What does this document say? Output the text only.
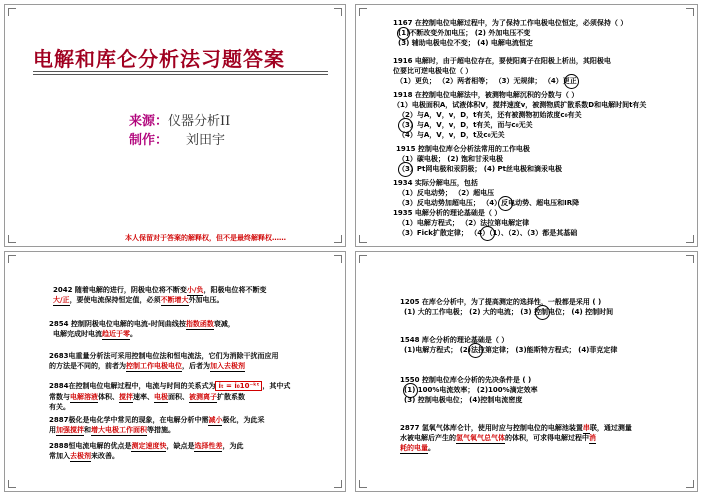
电解和库仑分析法习题答案
来源：仪器分析II
制作： 刘田宇
本人保留对于答案的解释权，但不是最终解释权……
1167 在控制电位电解过程中，为了保持工作电极电位恒定，必须保持（ ）
(1)不断改变外加电压； (2) 外加电压不变
(3) 辅助电极电位不变； (4) 电解电流恒定
1916 电解时，由于超电位存在，要使阳离子在阳极上析出，其阳极电
位要比可逆电极电位（ ）
（1）更负； （2）两者相等； （3）无规律； （4）更正
1918 在控制电位电解法中，被测物电解沉积的分数与（ ）
（1）电极面积A，试液体积V，搅拌速度v，被测物质扩散系数D和电解时间t有关
（2）与A，V，v，D，t有关，还有被测物初始浓度c₀有关
（3）与A，V，v，D，t有关，而与c₀无关
（4）与A，V，v，D，t及c₀无关
1915 控制电位库仑分析法常用的工作电极
（1）碳电极； (2) 饱和甘汞电极
（3）Pt网电极和汞阴极； (4) Pt丝电极和滴汞电极
1934 实际分解电压，包括
（1）反电动势； （2）超电压
（3）反电动势加超电压； （4）反电动势、超电压和IR降
1935 电解分析的理论基础是（ ）
（1）电解方程式； （2）法拉第电解定律
（3）Fick扩散定律； （4）（1）、（2）、（3）都是其基础
2042 随着电解的进行，阴极电位将不断变小/负，阳极电位将不断变
大/正，要使电流保持恒定值，必须不断增大外加电压。
2854 控制阴极电位电解的电流-时间曲线按指数函数衰减，
电解完成时电流趋近于零。
2683电重量分析法可采用控制电位法和恒电流法，它们为消除干扰而应用
的方法是不同的，前者为控制工作电极电位，后者为加入去极剂
2884在控制电位电解过程中，电流与时间的关系式为 iₜ = i₀10⁻ᵏᵗ ，其中式
常数与电解溶液体积、搅拌速率、电极面积、被测离子扩散系数
有关。
2887极化是电化学中常见的现象，在电解分析中需减小极化，为此采
用加强搅拌和增大电极工作面积等措施。
2888恒电流电解的优点是测定速度快，缺点是选择性差，为此
常加入去极剂来改善。
1205 在库仑分析中，为了提高测定的选择性，一般都是采用 ( )
(1) 大的工作电极； (2) 大的电流； (3) 控制电位； (4) 控制时间
1548 库仑分析的理论基础是（ ）
(1)电解方程式； (2)法拉第定律； (3)能斯特方程式； (4)菲克定律
1550 控制电位库仑分析的先决条件是 ( )
(1) 100%电流效率； (2)100%滴定效率
(3) 控制电极电位； (4)控制电流密度
2877 氢氧气体库仑计，使用时应与控制电位的电解池装置串联，通过测量
水被电解后产生的氢气氧气总气体的体积，可求得电解过程中消
耗的电量。
